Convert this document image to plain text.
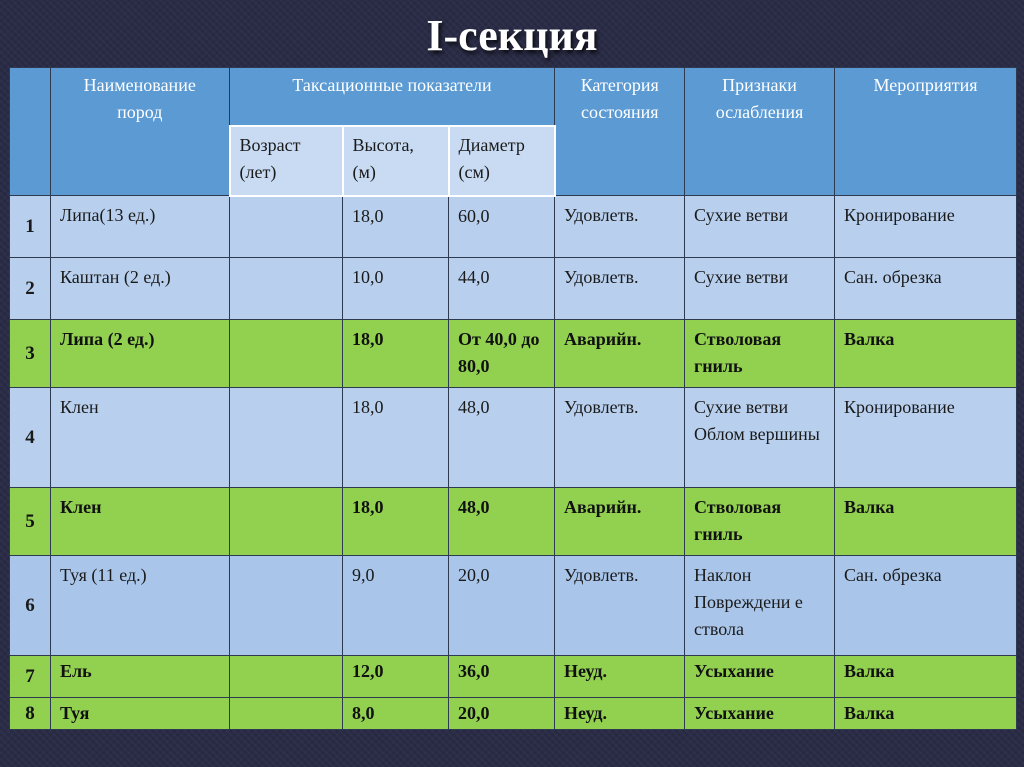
I-секция
	Наименование пород	Таксационные показатели			Категория состояния	Признаки ослабления	Мероприятия
		Возраст (лет)	Высота, (м)	Диаметр (см)			
1	Липа(13 ед.)		18,0	60,0	Удовлетв.	Сухие ветви	Кронирование
2	Каштан (2 ед.)		10,0	44,0	Удовлетв.	Сухие ветви	Сан. обрезка
3	Липа (2 ед.)		18,0	От 40,0 до 80,0	Аварийн.	Стволовая гниль	Валка
4	Клен		18,0	48,0	Удовлетв.	Сухие ветви Облом вершины	Кронирование
5	Клен		18,0	48,0	Аварийн.	Стволовая гниль	Валка
6	Туя (11 ед.)		9,0	20,0	Удовлетв.	Наклон Повреждени е ствола	Сан. обрезка
7	Ель		12,0	36,0	Неуд.	Усыхание	Валка
8	Туя		8,0	20,0	Неуд.	Усыхание	Валка
